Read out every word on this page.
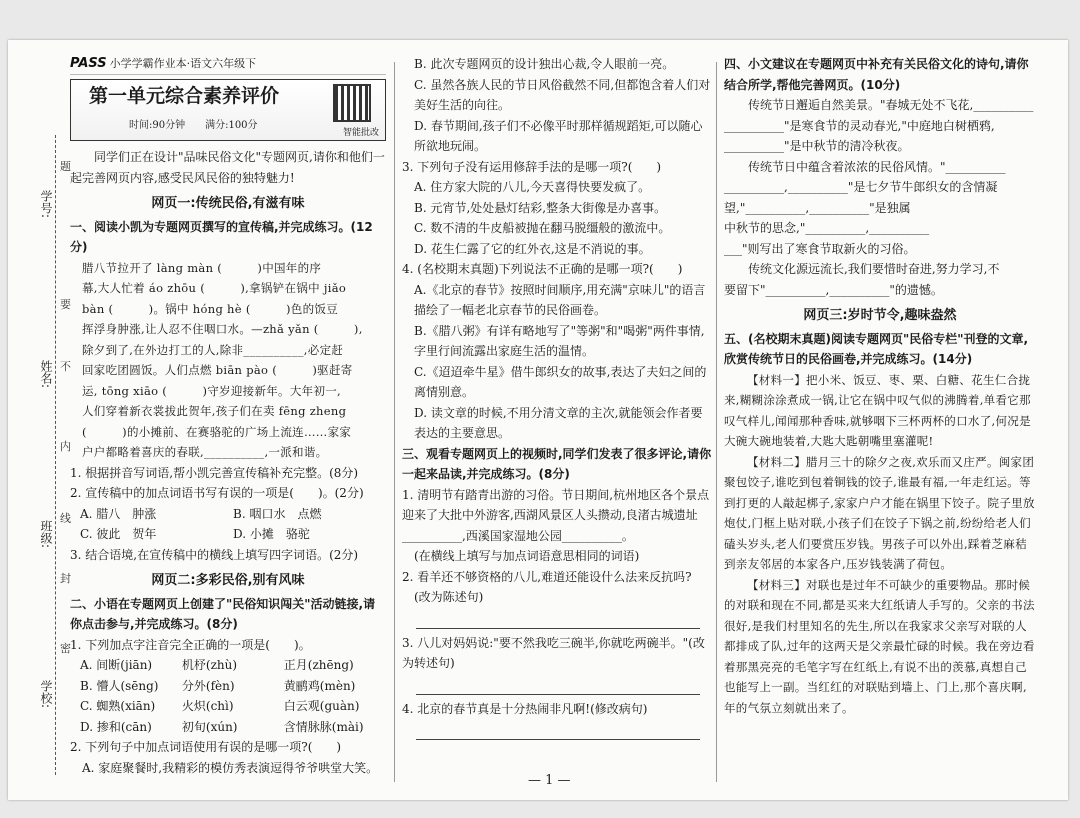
学号:
姓名:
班级:
学校:
题
要
不
内
线
封
密
PASS 小学学霸作业本·语文六年级下
第一单元综合素养评价
时间:90分钟　　满分:100分
智能批改

同学们正在设计"品味民俗文化"专题网页,请你和他们一起完善网页内容,感受民风民俗的独特魅力!

网页一:传统民俗,有滋有味

一、阅读小凯为专题网页撰写的宣传稿,并完成练习。(12分)

腊八节拉开了 làng màn (　　　)中国年的序

幕,大人忙着 áo zhōu (　　　),拿锅铲在锅中 jiǎo

bàn (　　　)。锅中 hóng hè (　　　)色的饭豆

挥浮身肿涨,让人忍不住咽口水。—zhǎ yǎn (　　　),

除夕到了,在外边打工的人,除非__________,必定赶

回家吃团圆饭。人们点燃 biān pào (　　　)驱赶寄

运, tōng xiāo (　　　)守岁迎接新年。大年初一,

人们穿着新衣裳拔此贺年,孩子们在卖 fēng zheng

(　　　)的小摊前、在赛骆驼的广场上流连……家家

户户都略着喜庆的春联,__________,一派和谐。

1. 根据拼音写词语,帮小凯完善宣传稿补充完整。(8分)

2. 宣传稿中的加点词语书写有误的一项是(　　)。(2分)

A. 腊八　肿涨	B. 咽口水　点燃
C. 彼此　贺年	D. 小摊　骆驼

3. 结合语境,在宣传稿中的横线上填写四字词语。(2分)

网页二:多彩民俗,别有风味

二、小语在专题网页上创建了"民俗知识闯关"活动链接,请你点击参与,并完成练习。(8分)

1. 下列加点字注音完全正确的一项是(　　)。

A. 间断(jiān)	机杼(zhù)	正月(zhēng)
B. 懵人(sēng)	分外(fèn)	黄鹂鸡(mèn)
C. 蜘熟(xiān)	火炽(chì)	白云观(guàn)
D. 掺和(cān)	初旬(xún)	含情脉脉(mài)

2. 下列句子中加点词语使用有误的是哪一项?(　　)

A. 家庭聚餐时,我精彩的模仿秀表演逗得爷爷哄堂大笑。

B. 此次专题网页的设计独出心裁,令人眼前一亮。

C. 虽然各族人民的节日风俗截然不同,但都饱含着人们对美好生活的向往。

D. 春节期间,孩子们不必像平时那样循规蹈矩,可以随心所欲地玩闹。

3. 下列句子没有运用修辞手法的是哪一项?(　　)

A. 住方家大院的八儿,今天喜得快要发疯了。

B. 元宵节,处处悬灯结彩,整条大街像是办喜事。

C. 数不清的牛皮船被抛在翻马脱缰般的激流中。

D. 花生仁露了它的红外衣,这是不消说的事。

4. (名校期末真题)下列说法不正确的是哪一项?(　　)

A.《北京的春节》按照时间顺序,用充满"京味儿"的语言描绘了一幅老北京春节的民俗画卷。

B.《腊八粥》有详有略地写了"等粥"和"喝粥"两件事情,字里行间流露出家庭生活的温情。

C.《迢迢牵牛星》借牛郎织女的故事,表达了夫妇之间的离情别意。

D. 读文章的时候,不用分清文章的主次,就能领会作者要表达的主要意思。

三、观看专题网页上的视频时,同学们发表了很多评论,请你一起来品读,并完成练习。(8分)

1. 清明节有踏青出游的习俗。节日期间,杭州地区各个景点迎来了大批中外游客,西湖风景区人头攒动,良渚古城遗址__________,西溪国家湿地公园__________。

(在横线上填写与加点词语意思相同的词语)

2. 看羊还不够资格的八儿,难道还能设什么法来反抗吗?

(改为陈述句)

3. 八儿对妈妈说:"要不然我吃三碗半,你就吃两碗半。"(改为转述句)

4. 北京的春节真是十分热闹非凡啊!(修改病句)

四、小文建议在专题网页中补充有关民俗文化的诗句,请你结合所学,帮他完善网页。(10分)

传统节日邂逅自然美景。"春城无处不飞花,__________

__________"是寒食节的灵动春光,"中庭地白树栖鸦,

__________"是中秋节的清冷秋夜。

传统节日中蕴含着浓浓的民俗风情。"__________

__________,__________"是七夕节牛郎织女的含情凝

望,"__________,__________"是独属

中秋节的思念,"__________,__________

___"则写出了寒食节取新火的习俗。

传统文化源远流长,我们要惜时奋进,努力学习,不

要留下"__________,__________"的遗憾。

网页三:岁时节令,趣味盎然

五、(名校期末真题)阅读专题网页"民俗专栏"刊登的文章,欣赏传统节日的民俗画卷,并完成练习。(14分)

【材料一】把小米、饭豆、枣、栗、白糖、花生仁合拢来,糊糊涂涂煮成一锅,让它在锅中叹气似的沸腾着,单看它那叹气样儿,闻闻那种香味,就够咽下三杯两杯的口水了,何况是大碗大碗地装着,大匙大匙朝嘴里塞灌呢!

【材料二】腊月三十的除夕之夜,欢乐而又庄严。闽家团聚包饺子,谁吃到包着铜钱的饺子,谁最有福,一年走红运。等到打更的人敲起梆子,家家户户才能在锅里下饺子。院子里放炮仗,门框上贴对联,小孩子们在饺子下锅之前,纷纷给老人们磕头岁头,老人们要赏压岁钱。男孩子可以外出,踩着芝麻秸到亲友邻居的本家各户,压岁钱装满了荷包。

【材料三】对联也是过年不可缺少的重要物品。那时候的对联和现在不同,都是买来大红纸请人手写的。父亲的书法很好,是我们村里知名的先生,所以在我家求父亲写对联的人都排成了队,过年的这两天是父亲最忙碌的时候。我在旁边看着那黑亮亮的毛笔字写在红纸上,有说不出的羡慕,真想自己也能写上一副。当红红的对联贴到墙上、门上,那个喜庆啊,年的气氛立刻就出来了。

— 1 —
